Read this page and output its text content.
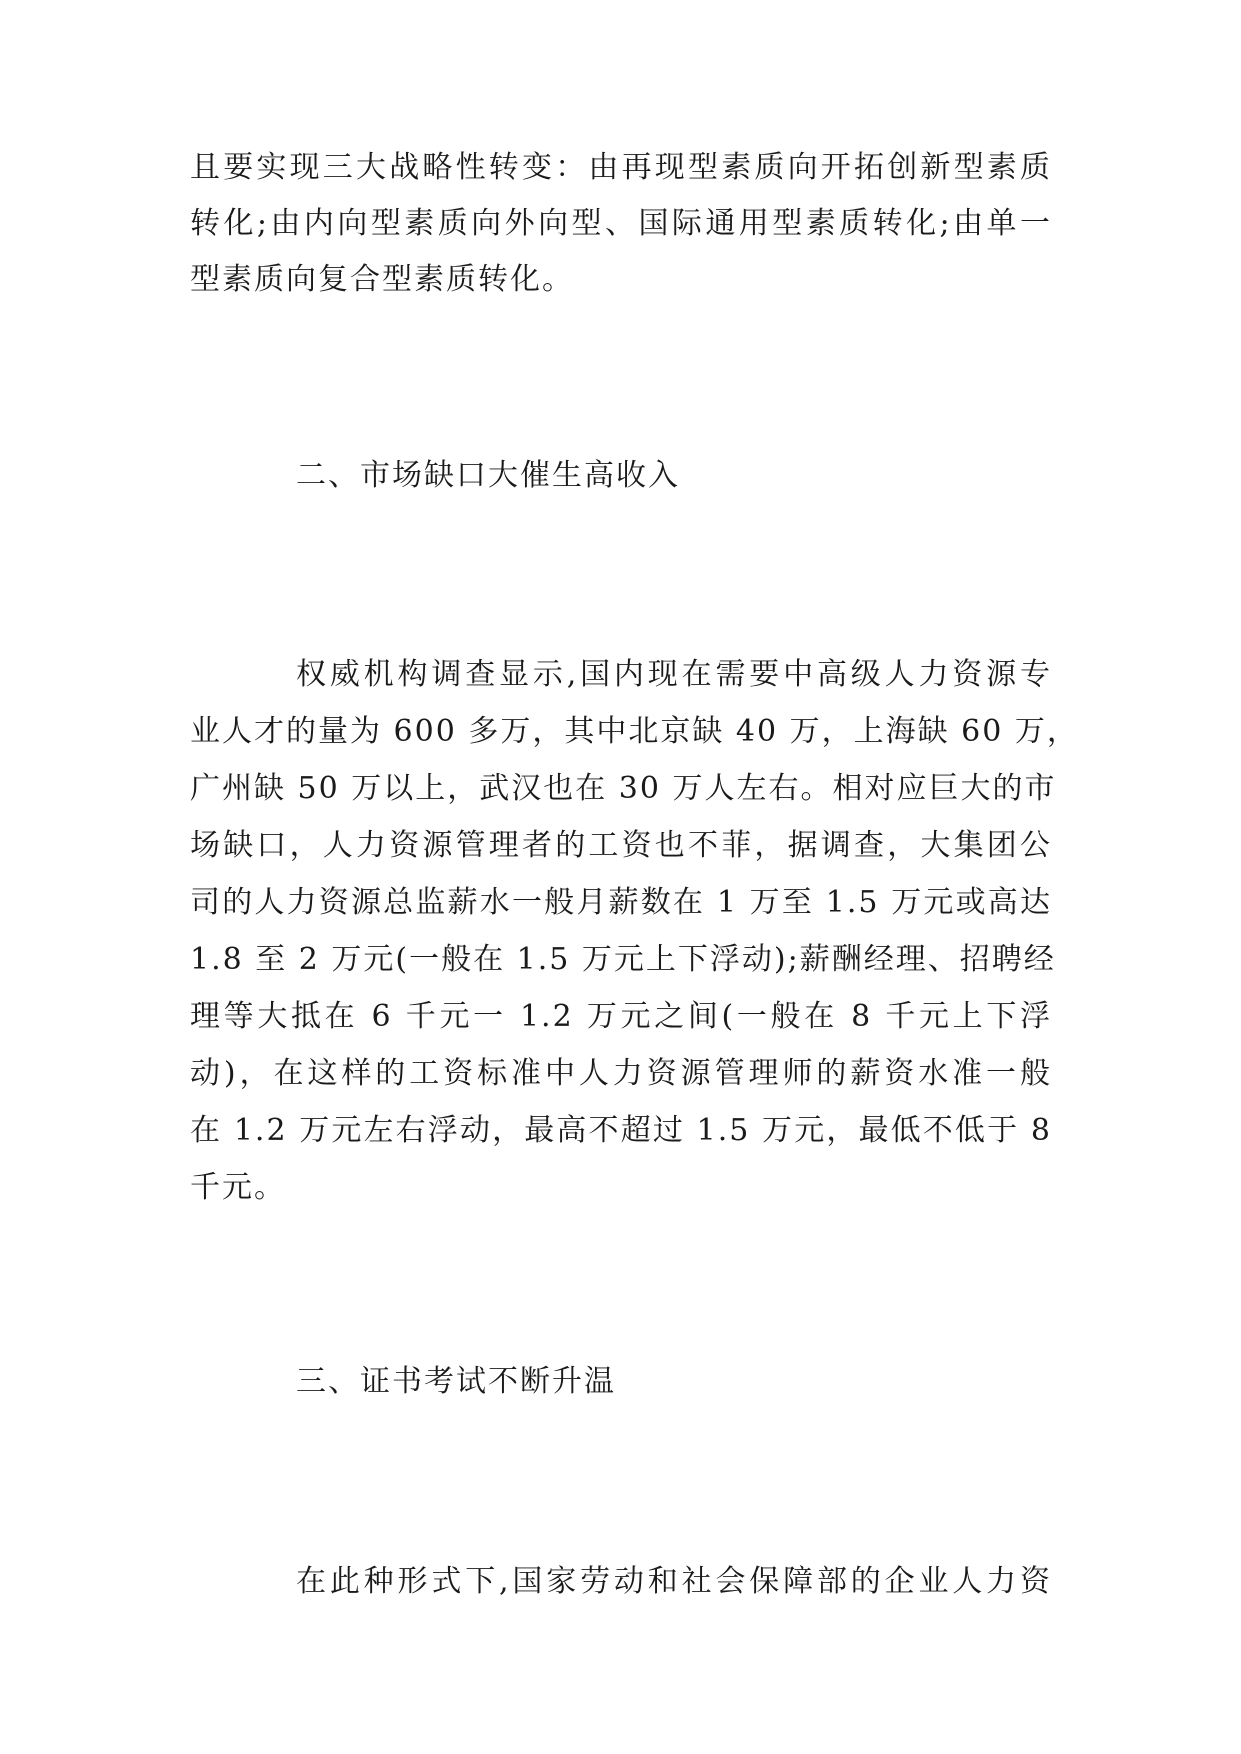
且要实现三大战略性转变：由再现型素质向开拓创新型素质
转化;由内向型素质向外向型、国际通用型素质转化;由单一
型素质向复合型素质转化。
二、市场缺口大催生高收入
权威机构调查显示,国内现在需要中高级人力资源专
业人才的量为 600 多万，其中北京缺 40 万，上海缺 60 万，
广州缺 50 万以上，武汉也在 30 万人左右。相对应巨大的市
场缺口，人力资源管理者的工资也不菲，据调查，大集团公
司的人力资源总监薪水一般月薪数在 1 万至 1.5 万元或高达
1.8 至 2 万元(一般在 1.5 万元上下浮动);薪酬经理、招聘经
理等大抵在 6 千元一 1.2 万元之间(一般在 8 千元上下浮
动)，在这样的工资标准中人力资源管理师的薪资水准一般
在 1.2 万元左右浮动，最高不超过 1.5 万元，最低不低于 8
千元。
三、证书考试不断升温
在此种形式下,国家劳动和社会保障部的企业人力资
